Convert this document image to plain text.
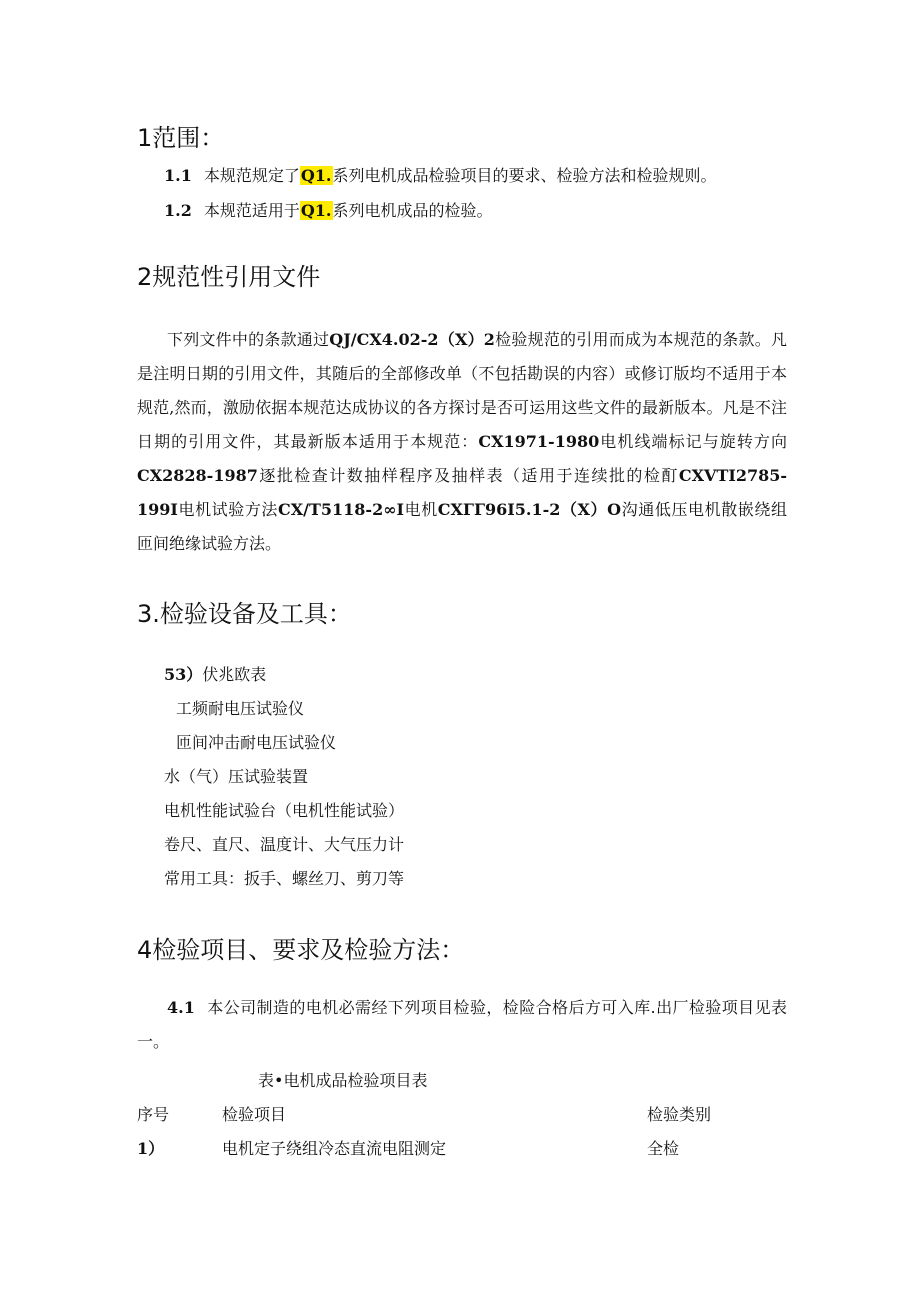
1范围：
1.1 本规范规定了Q1.系列电机成品检验项目的要求、检验方法和检验规则。
1.2 本规范适用于Q1.系列电机成品的检验。
2规范性引用文件
下列文件中的条款通过QJ/CX4.02-2（X）2检验规范的引用而成为本规范的条款。凡是注明日期的引用文件，其随后的全部修改单（不包括勘误的内容）或修订版均不适用于本规范,然而，激励依据本规范达成协议的各方探讨是否可运用这些文件的最新版本。凡是不注日期的引用文件，其最新版本适用于本规范：CX1971-1980电机线端标记与旋转方向CX2828-1987逐批检查计数抽样程序及抽样表（适用于连续批的检酊CXVTI2785-199I电机试验方法CX/T5118-2∞I电机CXГГ96I5.1-2（X）O沟通低压电机散嵌绕组匝间绝缘试验方法。
3.检验设备及工具：
53）伏兆欧表
工频耐电压试验仪
匝间冲击耐电压试验仪
水（气）压试验装置
电机性能试验台（电机性能试验）
卷尺、直尺、温度计、大气压力计
常用工具：扳手、螺丝刀、剪刀等
4检验项目、要求及检验方法：
4.1 本公司制造的电机必需经下列项目检验，检险合格后方可入库.出厂检验项目见表一。
表•电机成品检验项目表
序号	检验项目	检验类别
1）	电机定子绕组冷态直流电阻测定	全检
